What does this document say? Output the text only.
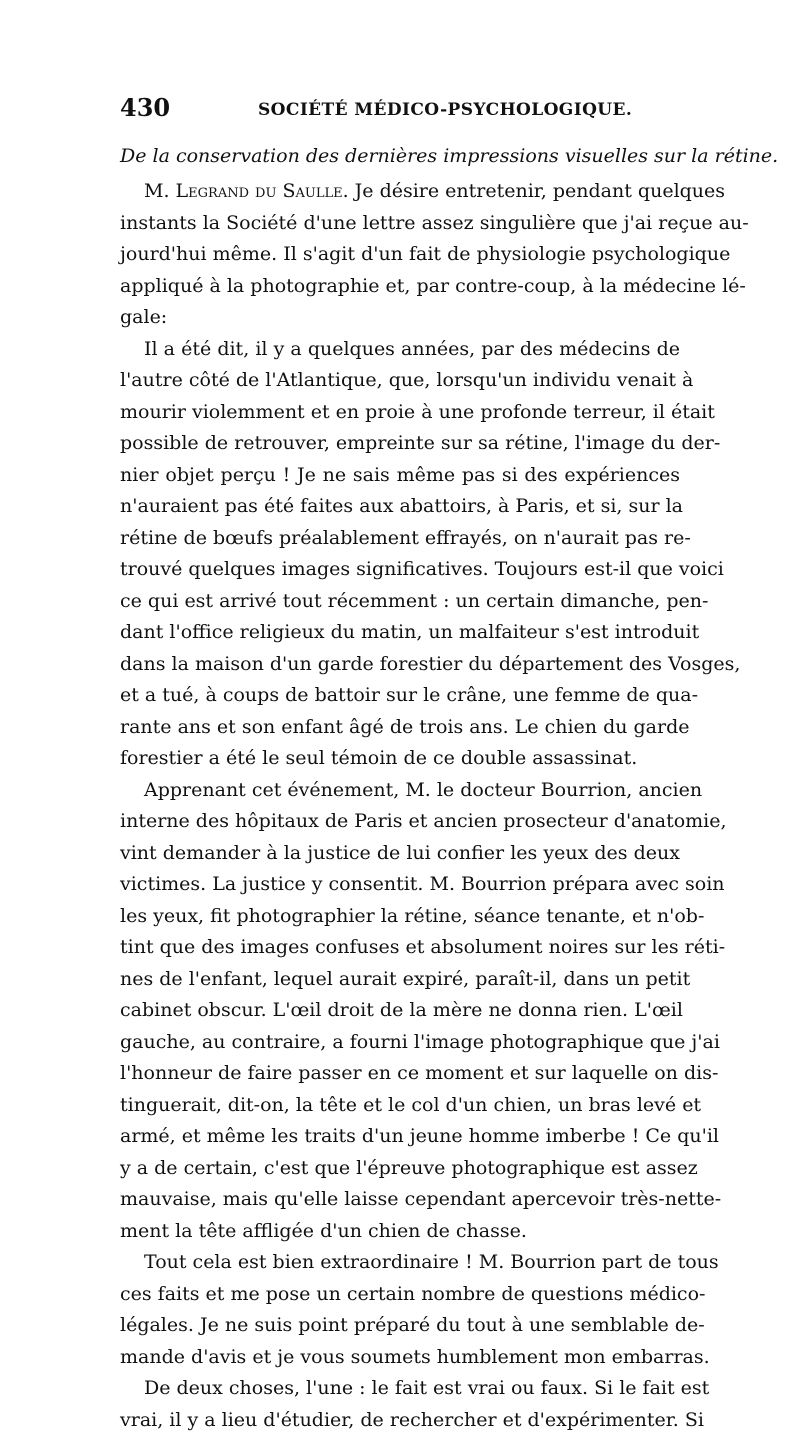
430	SOCIÉTÉ MÉDICO-PSYCHOLOGIQUE.
De la conservation des dernières impressions visuelles sur la rétine.
M. Legrand du Saulle. Je désire entretenir, pendant quelques
instants la Société d'une lettre assez singulière que j'ai reçue au-
jourd'hui même. Il s'agit d'un fait de physiologie psychologique
appliqué à la photographie et, par contre-coup, à la médecine lé-
gale:
Il a été dit, il y a quelques années, par des médecins de
l'autre côté de l'Atlantique, que, lorsqu'un individu venait à
mourir violemment et en proie à une profonde terreur, il était
possible de retrouver, empreinte sur sa rétine, l'image du der-
nier objet perçu ! Je ne sais même pas si des expériences
n'auraient pas été faites aux abattoirs, à Paris, et si, sur la
rétine de bœufs préalablement effrayés, on n'aurait pas re-
trouvé quelques images significatives. Toujours est-il que voici
ce qui est arrivé tout récemment : un certain dimanche, pen-
dant l'office religieux du matin, un malfaiteur s'est introduit
dans la maison d'un garde forestier du département des Vosges,
et a tué, à coups de battoir sur le crâne, une femme de qua-
rante ans et son enfant âgé de trois ans. Le chien du garde
forestier a été le seul témoin de ce double assassinat.
Apprenant cet événement, M. le docteur Bourrion, ancien
interne des hôpitaux de Paris et ancien prosecteur d'anatomie,
vint demander à la justice de lui confier les yeux des deux
victimes. La justice y consentit. M. Bourrion prépara avec soin
les yeux, fit photographier la rétine, séance tenante, et n'ob-
tint que des images confuses et absolument noires sur les réti-
nes de l'enfant, lequel aurait expiré, paraît-il, dans un petit
cabinet obscur. L'œil droit de la mère ne donna rien. L'œil
gauche, au contraire, a fourni l'image photographique que j'ai
l'honneur de faire passer en ce moment et sur laquelle on dis-
tinguerait, dit-on, la tête et le col d'un chien, un bras levé et
armé, et même les traits d'un jeune homme imberbe ! Ce qu'il
y a de certain, c'est que l'épreuve photographique est assez
mauvaise, mais qu'elle laisse cependant apercevoir très-nette-
ment la tête affligée d'un chien de chasse.
Tout cela est bien extraordinaire ! M. Bourrion part de tous
ces faits et me pose un certain nombre de questions médico-
légales. Je ne suis point préparé du tout à une semblable de-
mande d'avis et je vous soumets humblement mon embarras.
De deux choses, l'une : le fait est vrai ou faux. Si le fait est
vrai, il y a lieu d'étudier, de rechercher et d'expérimenter. Si
